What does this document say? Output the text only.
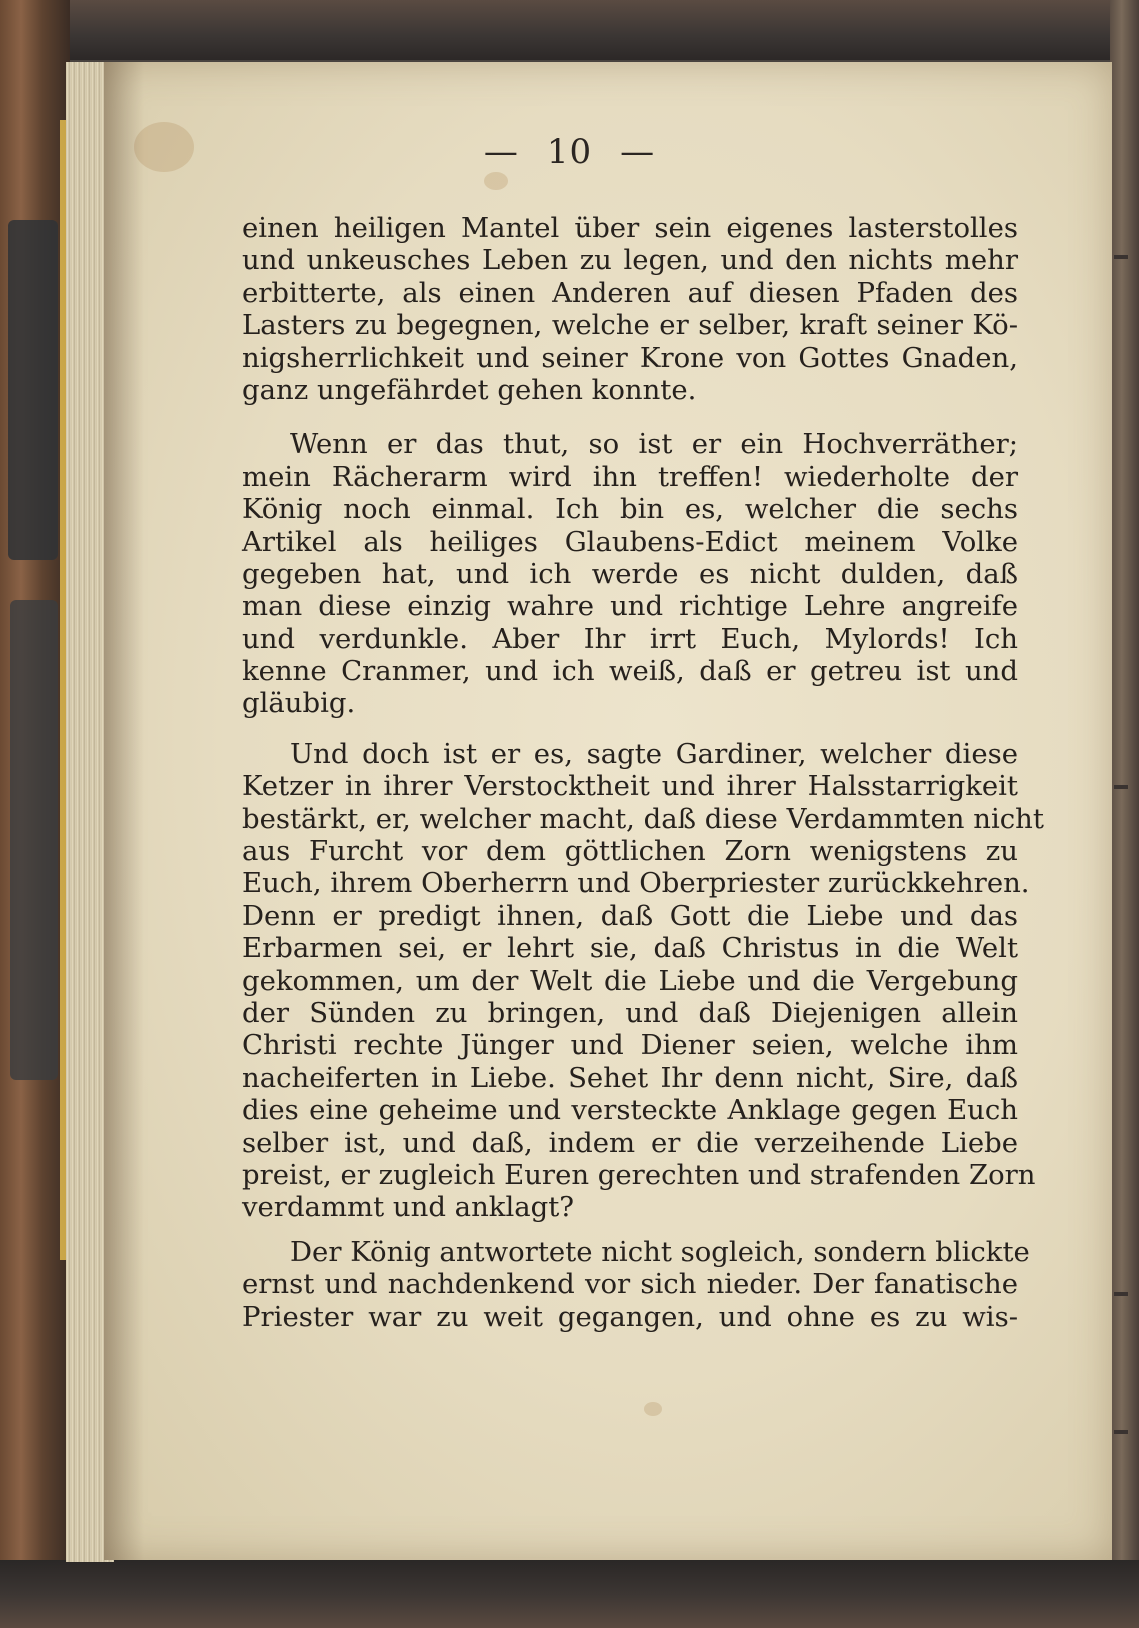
— 10 —
einen heiligen Mantel über sein eigenes lasterstolles
und unkeusches Leben zu legen, und den nichts mehr
erbitterte, als einen Anderen auf diesen Pfaden des
Lasters zu begegnen, welche er selber, kraft seiner Kö-
nigsherrlichkeit und seiner Krone von Gottes Gnaden,
ganz ungefährdet gehen konnte.
Wenn er das thut, so ist er ein Hochverräther;
mein Rächerarm wird ihn treffen! wiederholte der
König noch einmal. Ich bin es, welcher die sechs
Artikel als heiliges Glaubens-Edict meinem Volke
gegeben hat, und ich werde es nicht dulden, daß
man diese einzig wahre und richtige Lehre angreife
und verdunkle. Aber Ihr irrt Euch, Mylords! Ich
kenne Cranmer, und ich weiß, daß er getreu ist und
gläubig.
Und doch ist er es, sagte Gardiner, welcher diese
Ketzer in ihrer Verstocktheit und ihrer Halsstarrigkeit
bestärkt, er, welcher macht, daß diese Verdammten nicht
aus Furcht vor dem göttlichen Zorn wenigstens zu
Euch, ihrem Oberherrn und Oberpriester zurückkehren.
Denn er predigt ihnen, daß Gott die Liebe und das
Erbarmen sei, er lehrt sie, daß Christus in die Welt
gekommen, um der Welt die Liebe und die Vergebung
der Sünden zu bringen, und daß Diejenigen allein
Christi rechte Jünger und Diener seien, welche ihm
nacheiferten in Liebe. Sehet Ihr denn nicht, Sire, daß
dies eine geheime und versteckte Anklage gegen Euch
selber ist, und daß, indem er die verzeihende Liebe
preist, er zugleich Euren gerechten und strafenden Zorn
verdammt und anklagt?
Der König antwortete nicht sogleich, sondern blickte
ernst und nachdenkend vor sich nieder. Der fanatische
Priester war zu weit gegangen, und ohne es zu wis-
